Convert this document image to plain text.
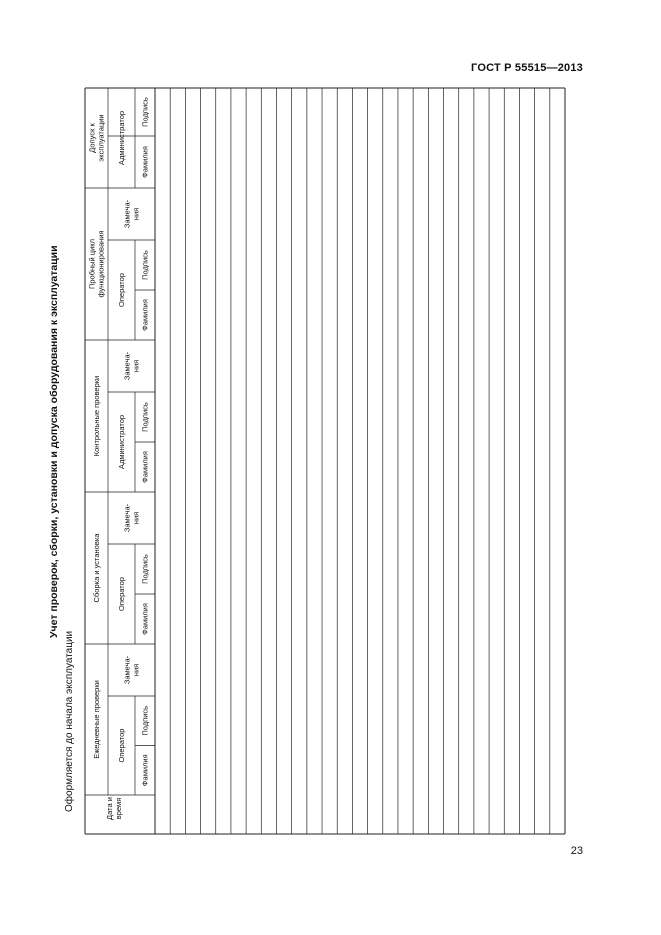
ГОСТ Р 55515—2013
Учет проверок, сборки, установки и допуска оборудования к эксплуатации
Оформляется до начала эксплуатации
Допуск кэксплуатации Администратор Подпись
Фамилия
Пробный циклфункционирования
Замеча-ния
Оператор
Подпись
Фамилия
Контрольные проверки
Замеча-ния
Администратор Подпись
Фамилия
Сборка и установка
Замеча-ния
Оператор
Подпись
Фамилия
Ежедневные проверки
Замеча-ния
Оператор
Подпись
Фамилия
Дата ивремя
23
